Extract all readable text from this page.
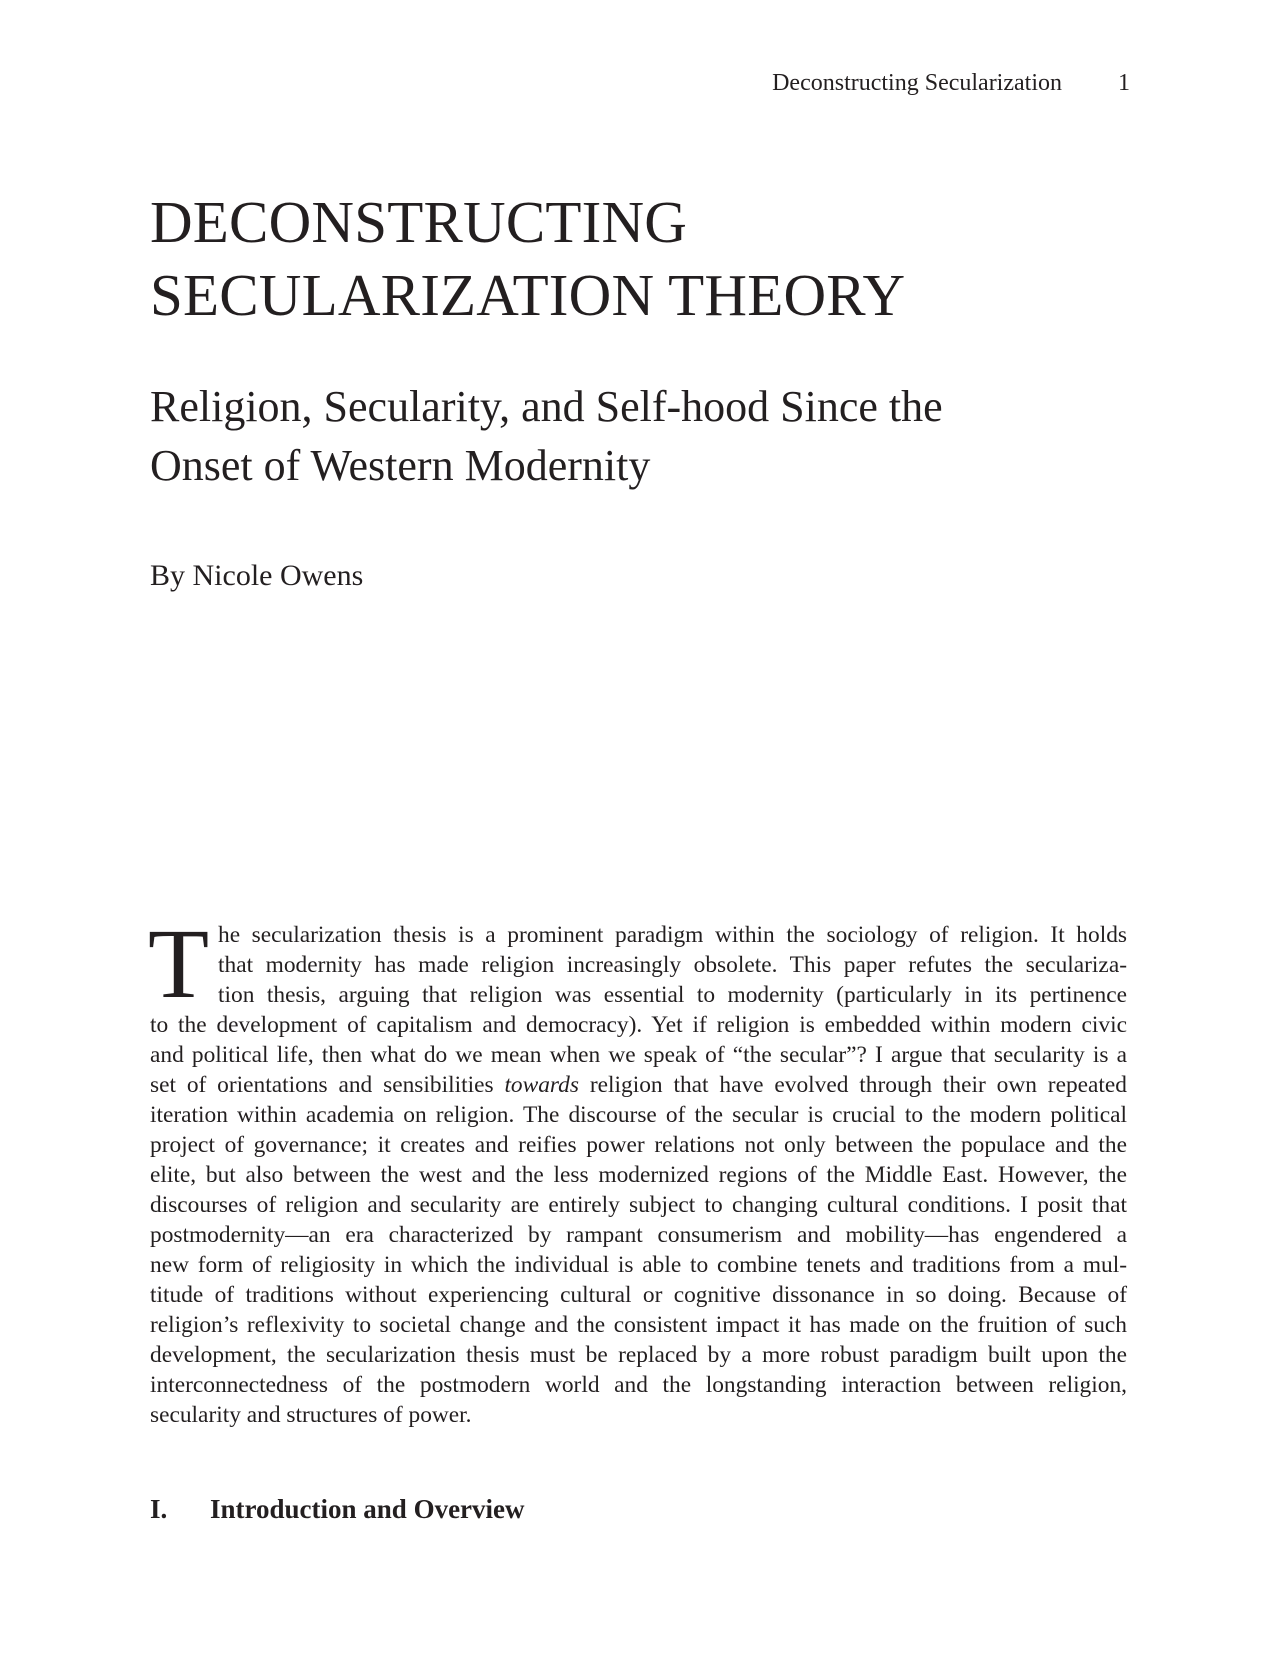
Deconstructing Secularization 1
DECONSTRUCTING
SECULARIZATION THEORY
Religion, Secularity, and Self-hood Since the
Onset of Western Modernity

By Nicole Owens

T he secularization thesis is a prominent paradigm within the sociology of religion. It holds
that modernity has made religion increasingly obsolete. This paper refutes the seculariza-
tion thesis, arguing that religion was essential to modernity (particularly in its pertinence
to the development of capitalism and democracy). Yet if religion is embedded within modern civic
and political life, then what do we mean when we speak of “the secular”? I argue that secularity is a
set of orientations and sensibilities towards religion that have evolved through their own repeated
iteration within academia on religion. The discourse of the secular is crucial to the modern political
project of governance; it creates and reifies power relations not only between the populace and the
elite, but also between the west and the less modernized regions of the Middle East. However, the
discourses of religion and secularity are entirely subject to changing cultural conditions. I posit that
postmodernity—an era characterized by rampant consumerism and mobility—has engendered a
new form of religiosity in which the individual is able to combine tenets and traditions from a mul-
titude of traditions without experiencing cultural or cognitive dissonance in so doing. Because of
religion’s reflexivity to societal change and the consistent impact it has made on the fruition of such
development, the secularization thesis must be replaced by a more robust paradigm built upon the
interconnectedness of the postmodern world and the longstanding interaction between religion,
secularity and structures of power.
I. Introduction and Overview
